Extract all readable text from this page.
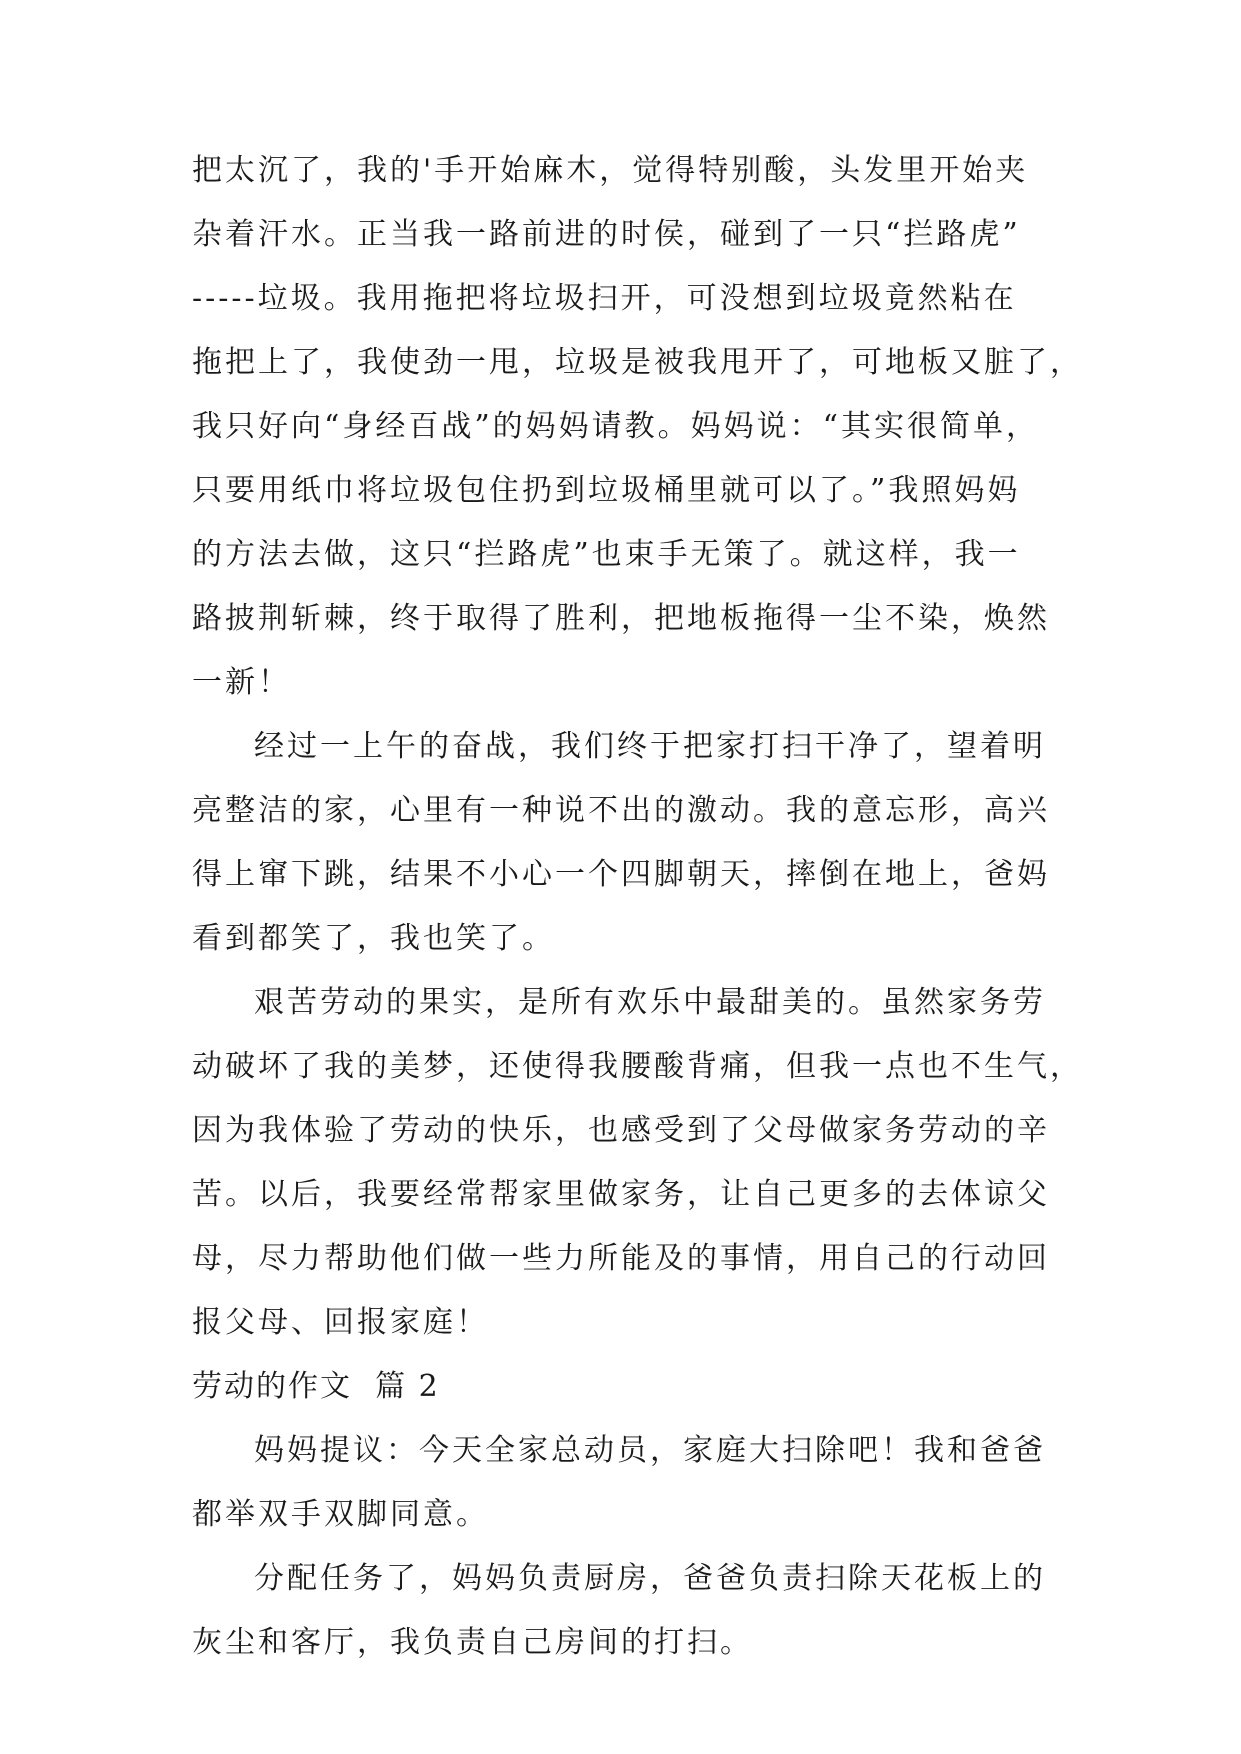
把太沉了，我的'手开始麻木，觉得特别酸，头发里开始夹
杂着汗水。正当我一路前进的时侯，碰到了一只“拦路虎”
-----垃圾。我用拖把将垃圾扫开，可没想到垃圾竟然粘在
拖把上了，我使劲一甩，垃圾是被我甩开了，可地板又脏了，
我只好向“身经百战”的妈妈请教。妈妈说：“其实很简单，
只要用纸巾将垃圾包住扔到垃圾桶里就可以了。”我照妈妈
的方法去做，这只“拦路虎”也束手无策了。就这样，我一
路披荆斩棘，终于取得了胜利，把地板拖得一尘不染，焕然
一新！
经过一上午的奋战，我们终于把家打扫干净了，望着明
亮整洁的家，心里有一种说不出的激动。我的意忘形，高兴
得上窜下跳，结果不小心一个四脚朝天，摔倒在地上，爸妈
看到都笑了，我也笑了。
艰苦劳动的果实，是所有欢乐中最甜美的。虽然家务劳
动破坏了我的美梦，还使得我腰酸背痛，但我一点也不生气，
因为我体验了劳动的快乐，也感受到了父母做家务劳动的辛
苦。以后，我要经常帮家里做家务，让自己更多的去体谅父
母，尽力帮助他们做一些力所能及的事情，用自己的行动回
报父母、回报家庭！
劳动的作文  篇 2
妈妈提议：今天全家总动员，家庭大扫除吧！我和爸爸
都举双手双脚同意。
分配任务了，妈妈负责厨房，爸爸负责扫除天花板上的
灰尘和客厅，我负责自己房间的打扫。
